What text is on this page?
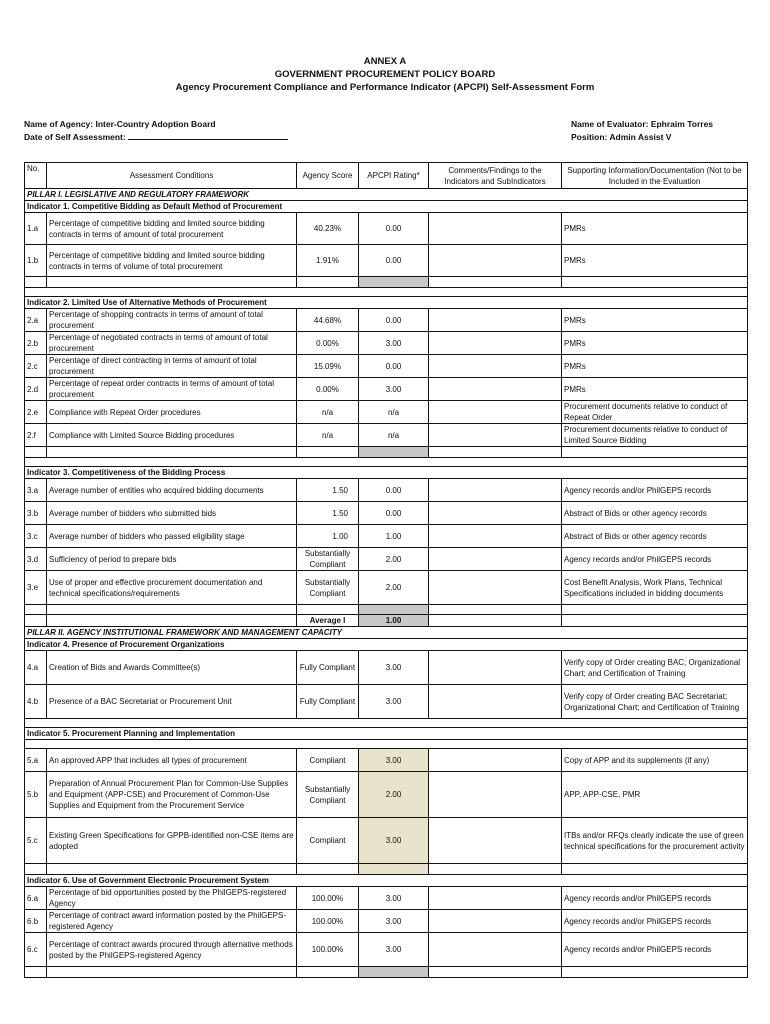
ANNEX A
GOVERNMENT PROCUREMENT POLICY BOARD
Agency Procurement Compliance and Performance Indicator (APCPI) Self-Assessment Form
Name of Agency: Inter-Country Adoption Board
Date of Self Assessment:
Name of Evaluator: Ephraim Torres
Position: Admin Assist V
No.	Assessment Conditions	Agency Score	APCPI Rating*	Comments/Findings to the Indicators and SubIndicators	Supporting Information/Documentation (Not to be Included in the Evaluation
PILLAR I. LEGISLATIVE AND REGULATORY FRAMEWORK					
Indicator 1. Competitive Bidding as Default Method of Procurement					
1.a	Percentage of competitive bidding and limited source bidding contracts in terms of amount of total procurement	40.23%	0.00		PMRs
1.b	Percentage of competitive bidding and limited source bidding contracts in terms of volume of total procurement	1.91%	0.00		PMRs

Indicator 2. Limited Use of Alternative Methods of Procurement					
2.a	Percentage of shopping contracts in terms of amount of total procurement	44.68%	0.00		PMRs
2.b	Percentage of negotiated contracts in terms of amount of total procurement	0.00%	3.00		PMRs
2.c	Percentage of direct contracting in terms of amount of total procurement	15.09%	0.00		PMRs
2.d	Percentage of repeat order contracts in terms of amount of total procurement	0.00%	3.00		PMRs
2.e	Compliance with Repeat Order procedures	n/a	n/a		Procurement documents relative to conduct of Repeat Order
2.f	Compliance with Limited Source Bidding procedures	n/a	n/a		Procurement documents relative to conduct of Limited Source Bidding

Indicator 3. Competitiveness of the Bidding Process					
3.a	Average number of entities who acquired bidding documents	1.50	0.00		Agency records and/or PhilGEPS records
3.b	Average number of bidders who submitted bids	1.50	0.00		Abstract of Bids or other agency records
3.c	Average number of bidders who passed eligibility stage	1.00	1.00		Abstract of Bids or other agency records
3.d	Sufficiency of period to prepare bids	Substantially Compliant	2.00		Agency records and/or PhilGEPS records
3.e	Use of proper and effective procurement documentation and technical specifications/requirements	Substantially Compliant	2.00		Cost Benefit Analysis, Work Plans, Technical Specifications included in bidding documents

		Average I	1.00		
PILLAR II. AGENCY INSTITUTIONAL FRAMEWORK AND MANAGEMENT CAPACITY					
Indicator 4. Presence of Procurement Organizations					
4.a	Creation of Bids and Awards Committee(s)	Fully Compliant	3.00		Verify copy of Order creating BAC; Organizational Chart; and Certification of Training
4.b	Presence of a BAC Secretariat or Procurement Unit	Fully Compliant	3.00		Verify copy of Order creating BAC Secretariat; Organizational Chart; and Certification of Training

Indicator 5. Procurement Planning and Implementation					

5.a	An approved APP that includes all types of procurement	Compliant	3.00		Copy of APP and its supplements (if any)
5.b	Preparation of Annual Procurement Plan for Common-Use Supplies and Equipment (APP-CSE) and Procurement of Common-Use Supplies and Equipment from the Procurement Service	Substantially Compliant	2.00		APP, APP-CSE, PMR
5.c	Existing Green Specifications for GPPB-identified non-CSE items are adopted	Compliant	3.00		ITBs and/or RFQs clearly indicate the use of green technical specifications for the procurement activity

Indicator 6. Use of Government Electronic Procurement System					
6.a	Percentage of bid opportunities posted by the PhilGEPS-registered Agency	100.00%	3.00		Agency records and/or PhilGEPS records
6.b	Percentage of contract award information posted by the PhilGEPS-registered Agency	100.00%	3.00		Agency records and/or PhilGEPS records
6.c	Percentage of contract awards procured through alternative methods posted by the PhilGEPS-registered Agency	100.00%	3.00		Agency records and/or PhilGEPS records
